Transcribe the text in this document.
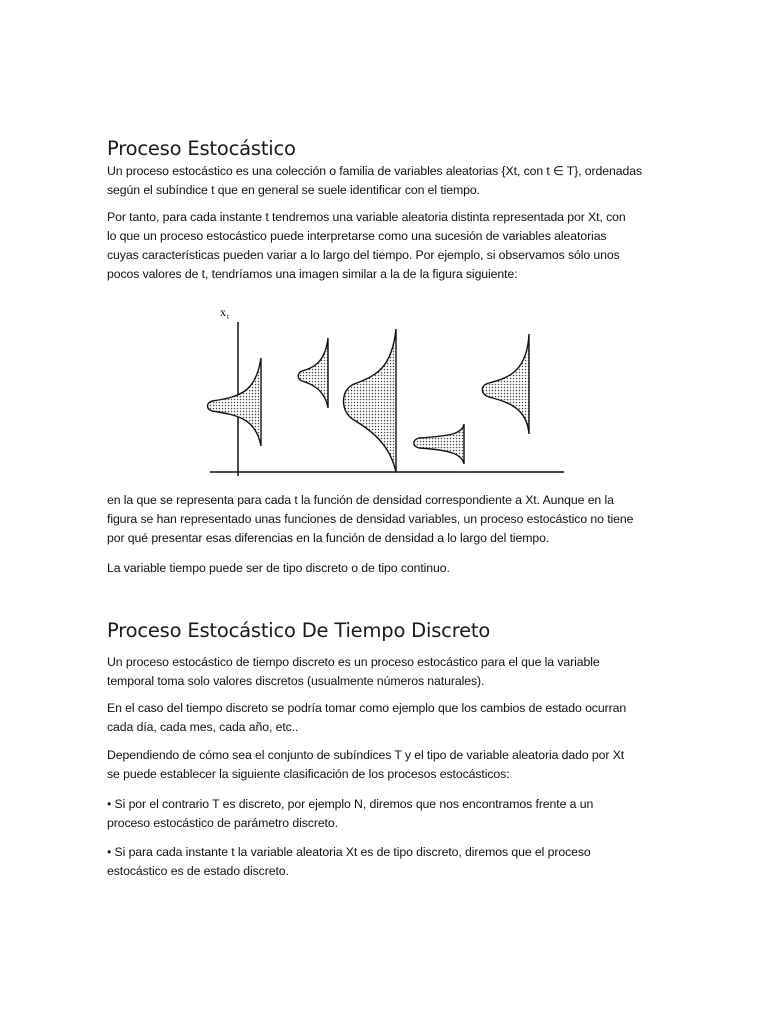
Proceso Estocástico

Un proceso estocástico es una colección o familia de variables aleatorias {Xt, con t ∈ T}, ordenadas
según el subíndice t que en general se suele identificar con el tiempo.

Por tanto, para cada instante t tendremos una variable aleatoria distinta representada por Xt, con
lo que un proceso estocástico puede interpretarse como una sucesión de variables aleatorias
cuyas características pueden variar a lo largo del tiempo. Por ejemplo, si observamos sólo unos
pocos valores de t, tendríamos una imagen similar a la de la figura siguiente:

x t

en la que se representa para cada t la función de densidad correspondiente a Xt. Aunque en la
figura se han representado unas funciones de densidad variables, un proceso estocástico no tiene
por qué presentar esas diferencias en la función de densidad a lo largo del tiempo.

La variable tiempo puede ser de tipo discreto o de tipo continuo.

Proceso Estocástico De Tiempo Discreto

Un proceso estocástico de tiempo discreto es un proceso estocástico para el que la variable
temporal toma solo valores discretos (usualmente números naturales).

En el caso del tiempo discreto se podría tomar como ejemplo que los cambios de estado ocurran
cada día, cada mes, cada año, etc..

Dependiendo de cómo sea el conjunto de subíndices T y el tipo de variable aleatoria dado por Xt
se puede establecer la siguiente clasificación de los procesos estocásticos:

• Si por el contrario T es discreto, por ejemplo N, diremos que nos encontramos frente a un
proceso estocástico de parámetro discreto.

• Si para cada instante t la variable aleatoria Xt es de tipo discreto, diremos que el proceso
estocástico es de estado discreto.
